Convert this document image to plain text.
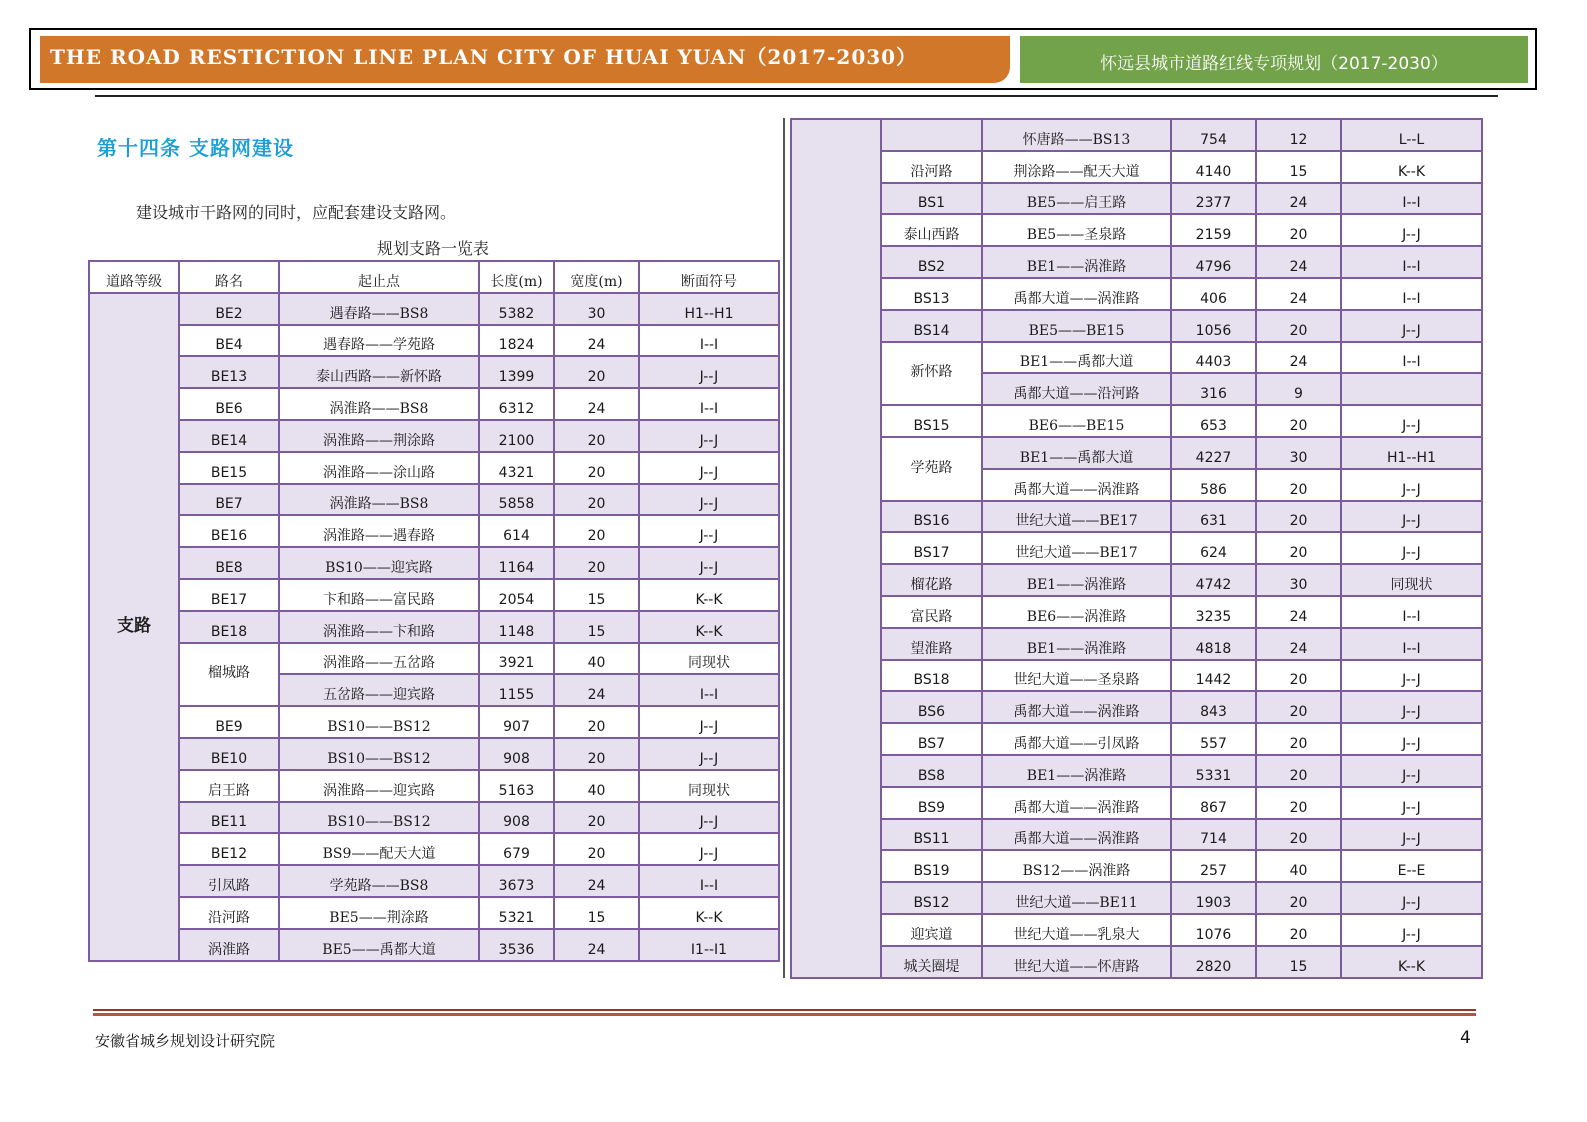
THE ROAD RESTICTION LINE PLAN CITY OF HUAI YUAN（2017-2030）	怀远县城市道路红线专项规划（2017-2030）
第十四条 支路网建设
建设城市干路网的同时，应配套建设支路网。
规划支路一览表
道路等级	路名	起止点	长度(m)	宽度(m)	断面符号
支路	BE2	遇春路——BS8	5382	30	H1--H1
	BE4	遇春路——学苑路	1824	24	I--I
	BE13	泰山西路——新怀路	1399	20	J--J
	BE6	涡淮路——BS8	6312	24	I--I
	BE14	涡淮路——荆涂路	2100	20	J--J
	BE15	涡淮路——涂山路	4321	20	J--J
	BE7	涡淮路——BS8	5858	20	J--J
	BE16	涡淮路——遇春路	614	20	J--J
	BE8	BS10——迎宾路	1164	20	J--J
	BE17	卞和路——富民路	2054	15	K--K
	BE18	涡淮路——卞和路	1148	15	K--K
	榴城路	涡淮路——五岔路	3921	40	同现状
		五岔路——迎宾路	1155	24	I--I
	BE9	BS10——BS12	907	20	J--J
	BE10	BS10——BS12	908	20	J--J
	启王路	涡淮路——迎宾路	5163	40	同现状
	BE11	BS10——BS12	908	20	J--J
	BE12	BS9——配天大道	679	20	J--J
	引凤路	学苑路——BS8	3673	24	I--I
	沿河路	BE5——荆涂路	5321	15	K--K
	涡淮路	BE5——禹都大道	3536	24	I1--I1
		怀唐路——BS13	754	12	L--L
	沿河路	荆涂路——配天大道	4140	15	K--K
	BS1	BE5——启王路	2377	24	I--I
	泰山西路	BE5——圣泉路	2159	20	J--J
	BS2	BE1——涡淮路	4796	24	I--I
	BS13	禹都大道——涡淮路	406	24	I--I
	BS14	BE5——BE15	1056	20	J--J
	新怀路	BE1——禹都大道	4403	24	I--I
		禹都大道——沿河路	316	9	
	BS15	BE6——BE15	653	20	J--J
	学苑路	BE1——禹都大道	4227	30	H1--H1
		禹都大道——涡淮路	586	20	J--J
	BS16	世纪大道——BE17	631	20	J--J
	BS17	世纪大道——BE17	624	20	J--J
	榴花路	BE1——涡淮路	4742	30	同现状
	富民路	BE6——涡淮路	3235	24	I--I
	望淮路	BE1——涡淮路	4818	24	I--I
	BS18	世纪大道——圣泉路	1442	20	J--J
	BS6	禹都大道——涡淮路	843	20	J--J
	BS7	禹都大道——引凤路	557	20	J--J
	BS8	BE1——涡淮路	5331	20	J--J
	BS9	禹都大道——涡淮路	867	20	J--J
	BS11	禹都大道——涡淮路	714	20	J--J
	BS19	BS12——涡淮路	257	40	E--E
	BS12	世纪大道——BE11	1903	20	J--J
	迎宾道	世纪大道——乳泉大	1076	20	J--J
	城关圈堤	世纪大道——怀唐路	2820	15	K--K
安徽省城乡规划设计研究院	4
